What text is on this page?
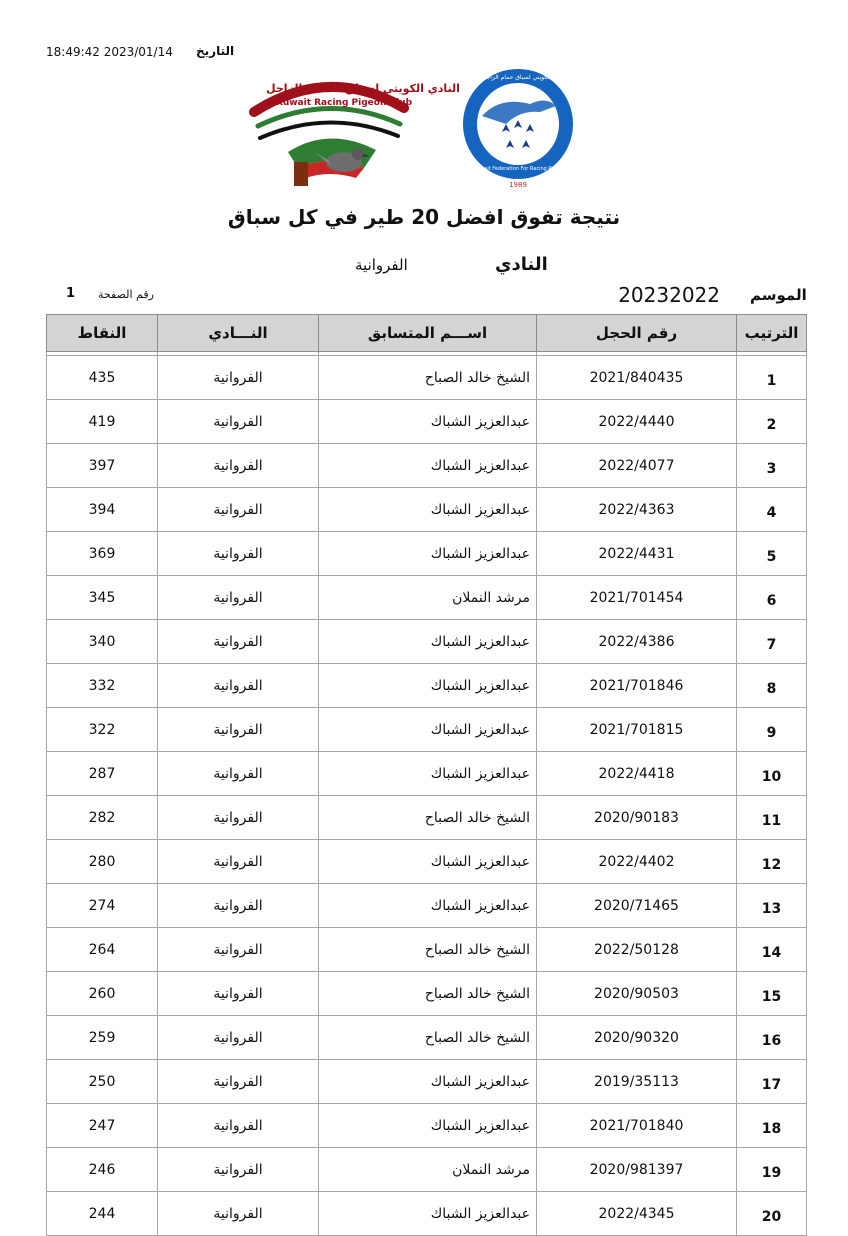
التاريخ
18:49:42 2023/01/14
Kuwait Racing Pigeon Club
النادي الكويتي لسباق الحمام الزاجل
1989
الاتحاد الكويتي لسباق حمام الزاجل
Kuwait Federation For Racing Pigeon
نتيجة تفوق افضل 20 طير في كل سباق
النادي
الفروانية
الموسم
20232022
رقم الصفحة
1
النقاط	النـــادي	اســـم المتسابق	رقم الحجل	الترتيب

435	الفروانية	الشيخ خالد الصباح	2021/840435	1
419	الفروانية	عبدالعزيز الشباك	2022/4440	2
397	الفروانية	عبدالعزيز الشباك	2022/4077	3
394	الفروانية	عبدالعزيز الشباك	2022/4363	4
369	الفروانية	عبدالعزيز الشباك	2022/4431	5
345	الفروانية	مرشد النملان	2021/701454	6
340	الفروانية	عبدالعزيز الشباك	2022/4386	7
332	الفروانية	عبدالعزيز الشباك	2021/701846	8
322	الفروانية	عبدالعزيز الشباك	2021/701815	9
287	الفروانية	عبدالعزيز الشباك	2022/4418	10
282	الفروانية	الشيخ خالد الصباح	2020/90183	11
280	الفروانية	عبدالعزيز الشباك	2022/4402	12
274	الفروانية	عبدالعزيز الشباك	2020/71465	13
264	الفروانية	الشيخ خالد الصباح	2022/50128	14
260	الفروانية	الشيخ خالد الصباح	2020/90503	15
259	الفروانية	الشيخ خالد الصباح	2020/90320	16
250	الفروانية	عبدالعزيز الشباك	2019/35113	17
247	الفروانية	عبدالعزيز الشباك	2021/701840	18
246	الفروانية	مرشد النملان	2020/981397	19
244	الفروانية	عبدالعزيز الشباك	2022/4345	20
